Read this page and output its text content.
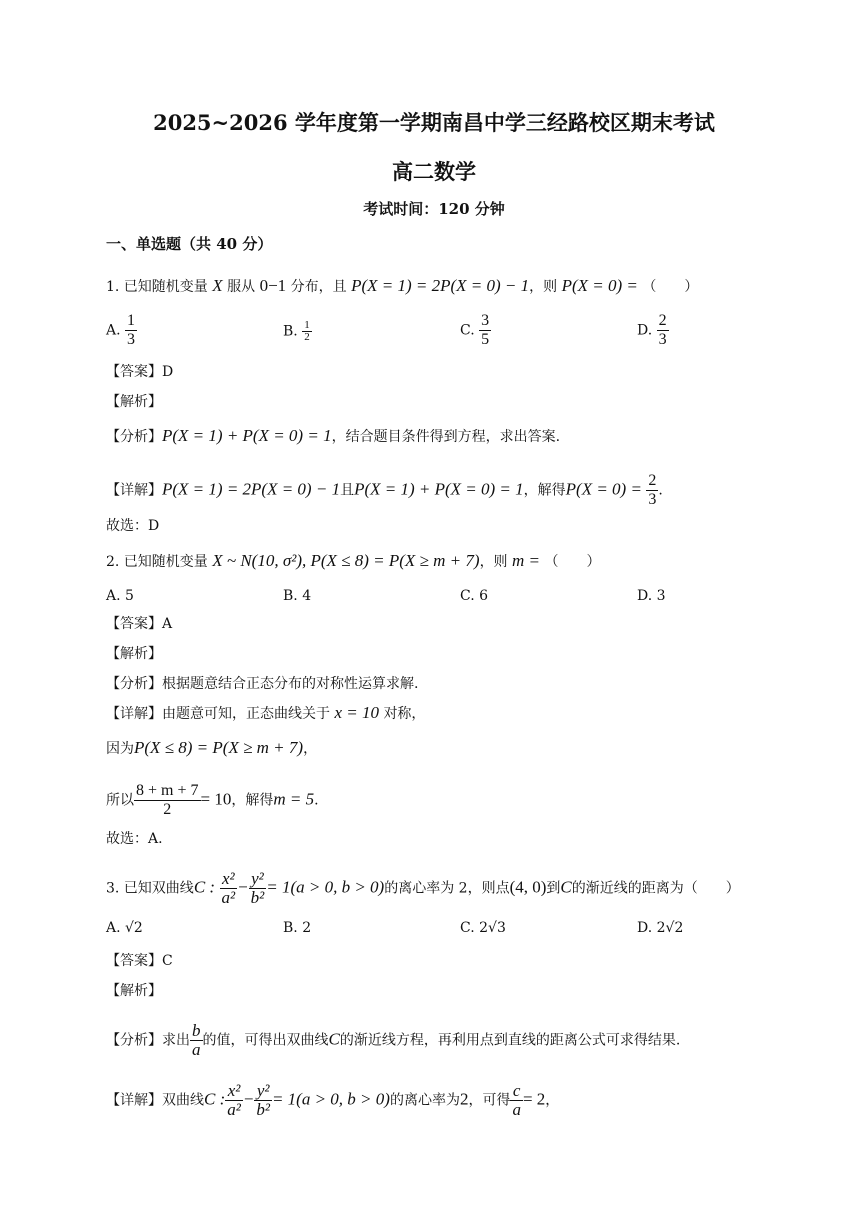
2025~2026 学年度第一学期南昌中学三经路校区期末考试
高二数学
考试时间：120 分钟
一、单选题（共 40 分）
1. 已知随机变量 X 服从 0−1 分布，且 P(X = 1) = 2P(X = 0) − 1，则 P(X = 0) = （　　）
A. $\frac{1}{3}$	B. $\frac{1}{2}$	C. $\frac{3}{5}$	D. $\frac{2}{3}$
【答案】D
【解析】
【分析】P(X = 1) + P(X = 0) = 1，结合题目条件得到方程，求出答案.
【详解】P(X = 1) = 2P(X = 0) − 1且P(X = 1) + P(X = 0) = 1，解得$P(X = 0) = \frac{2}{3}$ .
故选：D
2. 已知随机变量 X ~ N(10, σ²), P(X ≤ 8) = P(X ≥ m + 7)，则 m = （　　）
A. 5	B. 4	C. 6	D. 3
【答案】A
【解析】
【分析】根据题意结合正态分布的对称性运算求解.
【详解】由题意可知，正态曲线关于 x = 10 对称，
因为P(X ≤ 8) = P(X ≥ m + 7)，
所以 $\frac{8 + m + 7}{2} = 10$，解得m = 5.
故选：A.
3. 已知双曲线C : $\frac{\text{x²}}{\text{a²}} - \frac{\text{y²}}{\text{b²}} = 1(a > 0$, b > 0)的离心率为 2，则点(4, 0)到C的渐近线的距离为（　　）
A. √2	B. 2	C. 2√3	D. 2√2
【答案】C
【解析】
【分析】求出 $\frac{b}{a}$ 的值，可得出双曲线C的渐近线方程，再利用点到直线的距离公式可求得结果.
【详解】双曲线C : $\frac{\text{x²}}{\text{a²}} - \frac{\text{y²}}{\text{b²}} = 1(a > 0$, b > 0)的离心率为2，可得 $\frac{c}{a} = 2$，
